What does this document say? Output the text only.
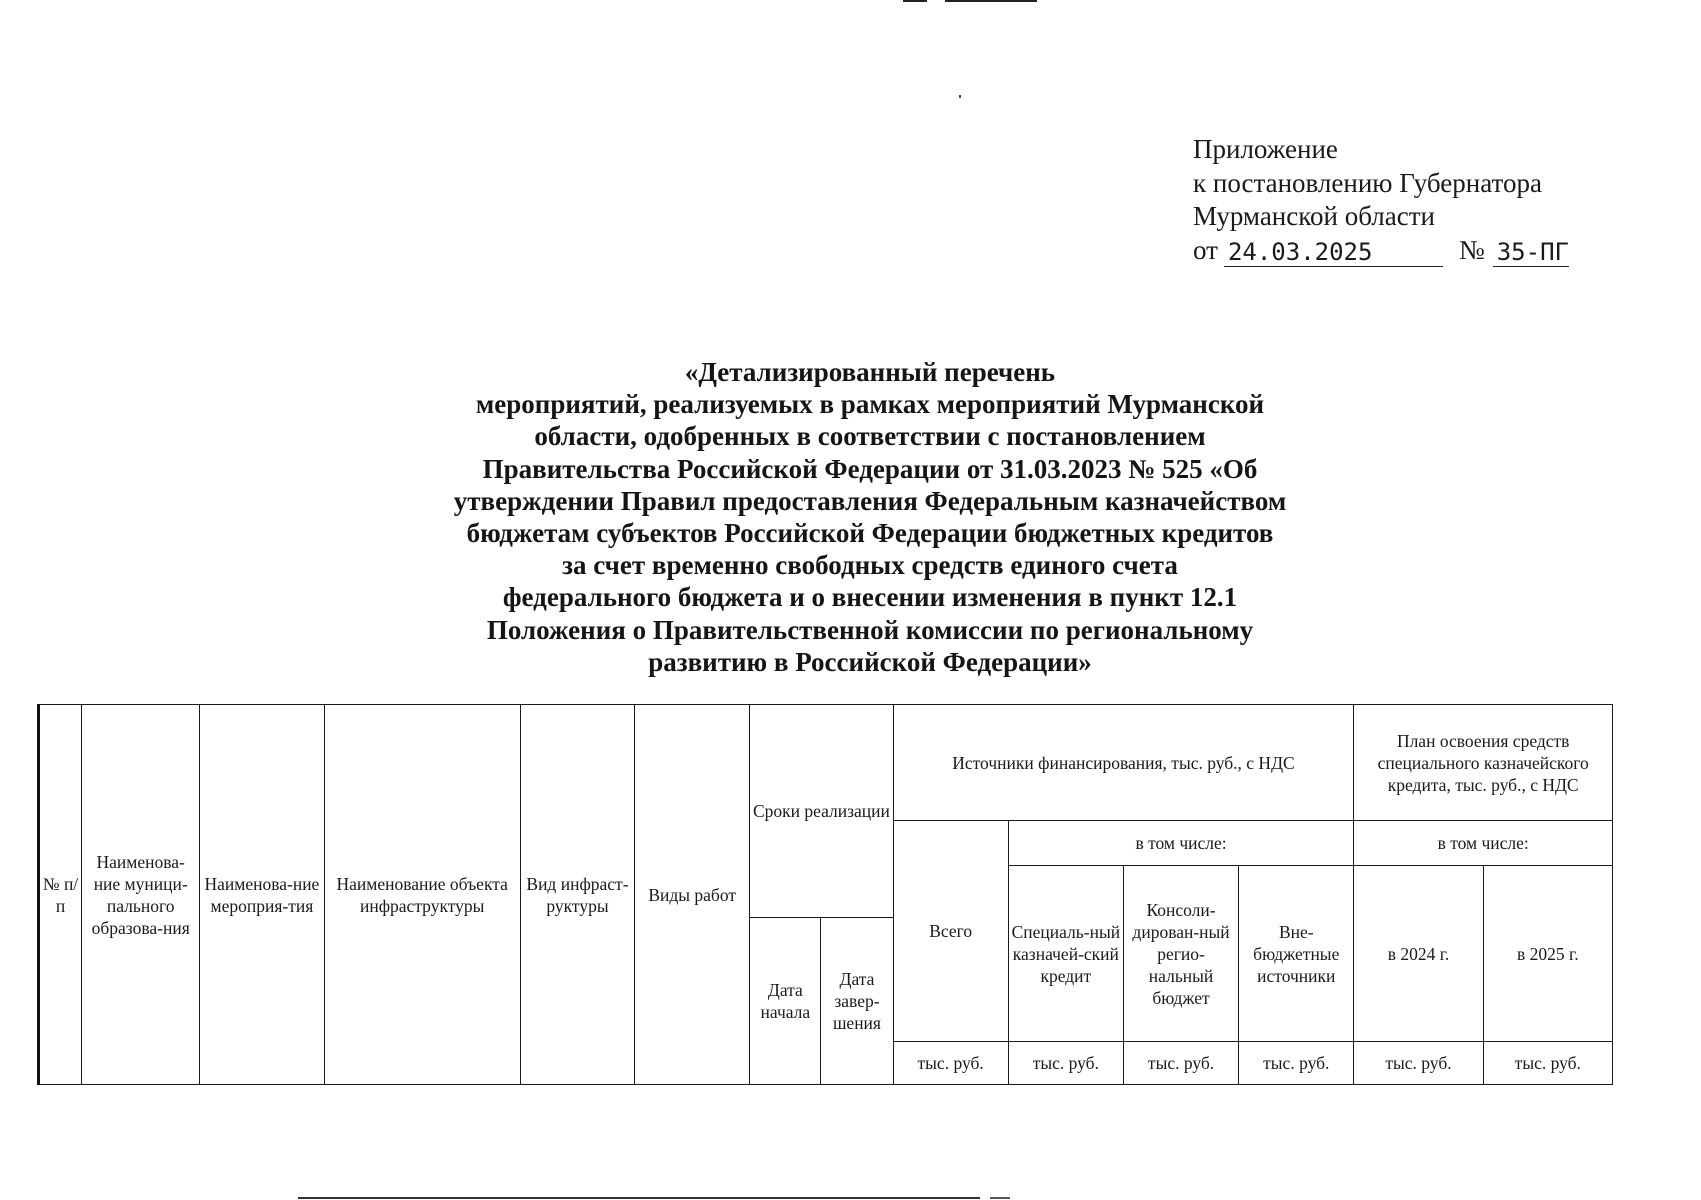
Приложение
к постановлению Губернатора
Мурманской области
от 24.03.2025	№ 35-ПГ
«Детализированный перечень
мероприятий, реализуемых в рамках мероприятий Мурманской
области, одобренных в соответствии с постановлением
Правительства Российской Федерации от 31.03.2023 № 525 «Об
утверждении Правил предоставления Федеральным казначейством
бюджетам субъектов Российской Федерации бюджетных кредитов
за счет временно свободных средств единого счета
федерального бюджета и о внесении изменения в пункт 12.1
Положения о Правительственной комиссии по региональному
развитию в Российской Федерации»
№ п/п	Наименова-ние муници-пального образова-ния	Наименова-ние мероприя-тия	Наименование объекта инфраструктуры	Вид инфраст-руктуры	Виды работ	Сроки реализации		Источники финансирования, тыс. руб., с НДС				План освоения средств специального казначейского кредита, тыс. руб., с НДС	
								Всего	в том числе:			в том числе:	
									Специаль-ный казначей-ский кредит	Консоли-дирован-ный регио-нальный бюджет	Вне-бюджетные источники	в 2024 г.	в 2025 г.
						Дата начала	Дата завер-шения						
								тыс. руб.	тыс. руб.	тыс. руб.	тыс. руб.	тыс. руб.	тыс. руб.
